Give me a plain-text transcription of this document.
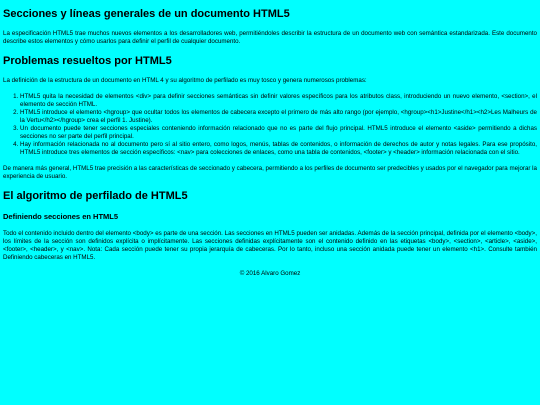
Secciones y líneas generales de un documento HTML5

La especificación HTML5 trae muchos nuevos elementos a los desarrolladores web, permitiéndoles describir la estructura de un documento web con semántica estandarizada. Este documento describe estos elementos y cómo usarlos para definir el perfil de cualquier documento.

Problemas resueltos por HTML5

La definición de la estructura de un documento en HTML 4 y su algoritmo de perfilado es muy tosco y genera numerosos problemas:

1. HTML5 quita la necesidad de elementos <div> para definir secciones semánticas sin definir valores específicos para los atributos class, introduciendo un nuevo elemento, <section>, el elemento de sección HTML.
2. HTML5 introduce el elemento <hgroup> que ocultar todos los elementos de cabecera excepto el primero de más alto rango (por ejemplo, <hgroup><h1>Justine</h1><h2>Les Malheurs de la Vertu</h2></hgroup> crea el perfil 1. Justine).
3. Un documento puede tener secciones especiales conteniendo información relacionado que no es parte del flujo principal. HTML5 introduce el elemento <aside> permitiendo a dichas secciones no ser parte del perfil principal.
4. Hay información relacionada no al documento pero sí al sitio entero, como logos, menús, tablas de contenidos, o información de derechos de autor y notas legales. Para ese propósito, HTML5 introduce tres elementos de sección específicos: <nav> para colecciones de enlaces, como una tabla de contenidos, <footer> y <header> información relacionada con el sitio.

De manera más general, HTML5 trae precisión a las características de seccionado y cabecera, permitiendo a los perfiles de documento ser predecibles y usados por el navegador para mejorar la experiencia de usuario.

El algoritmo de perfilado de HTML5
Definiendo secciones en HTML5

Todo el contenido incluido dentro del elemento <body> es parte de una sección. Las secciones en HTML5 pueden ser anidadas. Además de la sección principal, definida por el elemento <body>, los límites de la sección son definidos explícita o implícitamente. Las secciones definidas explícitamente son el contenido definido en las etiquetas <body>, <section>, <article>, <aside>, <footer>, <header>, y <nav>. Nota: Cada sección puede tener su propia jerarquía de cabeceras. Por lo tanto, incluso una sección anidada puede tener un elemento <h1>. Consulte también Definiendo cabeceras en HTML5.

© 2016 Alvaro Gomez
